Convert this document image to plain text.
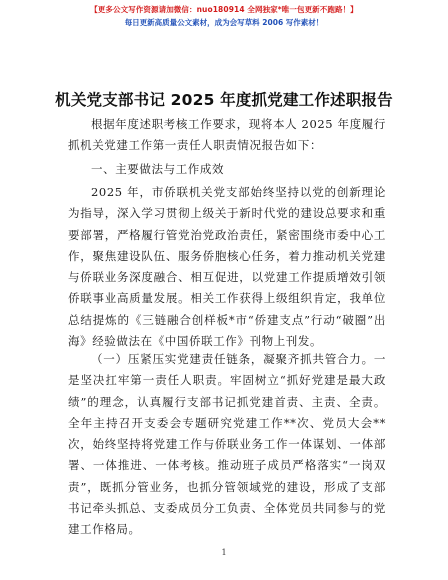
【更多公文写作资源请加微信：nuo180914 全网独家*唯一包更新不跑路！】
每日更新高质量公文素材，成为会写草料 2006 写作素材！
机关党支部书记 2025 年度抓党建工作述职报告

根据年度述职考核工作要求，现将本人 2025 年度履行抓机关党建工作第一责任人职责情况报告如下：

一、主要做法与工作成效

2025 年，市侨联机关党支部始终坚持以党的创新理论为指导，深入学习贯彻上级关于新时代党的建设总要求和重要部署，严格履行管党治党政治责任，紧密围绕市委中心工作，聚焦建设队伍、服务侨胞核心任务，着力推动机关党建与侨联业务深度融合、相互促进，以党建工作提质增效引领侨联事业高质量发展。相关工作获得上级组织肯定，我单位总结提炼的《三链融合创样板*市“侨建支点”行动“破圈”出海》经验做法在《中国侨联工作》刊物上刊发。

（一）压紧压实党建责任链条，凝聚齐抓共管合力。一是坚决扛牢第一责任人职责。牢固树立“抓好党建是最大政绩”的理念，认真履行支部书记抓党建首责、主责、全责。全年主持召开支委会专题研究党建工作**次、党员大会**次，始终坚持将党建工作与侨联业务工作一体谋划、一体部署、一体推进、一体考核。推动班子成员严格落实“一岗双责”，既抓分管业务，也抓分管领域党的建设，形成了支部书记牵头抓总、支委成员分工负责、全体党员共同参与的党建工作格局。

1
